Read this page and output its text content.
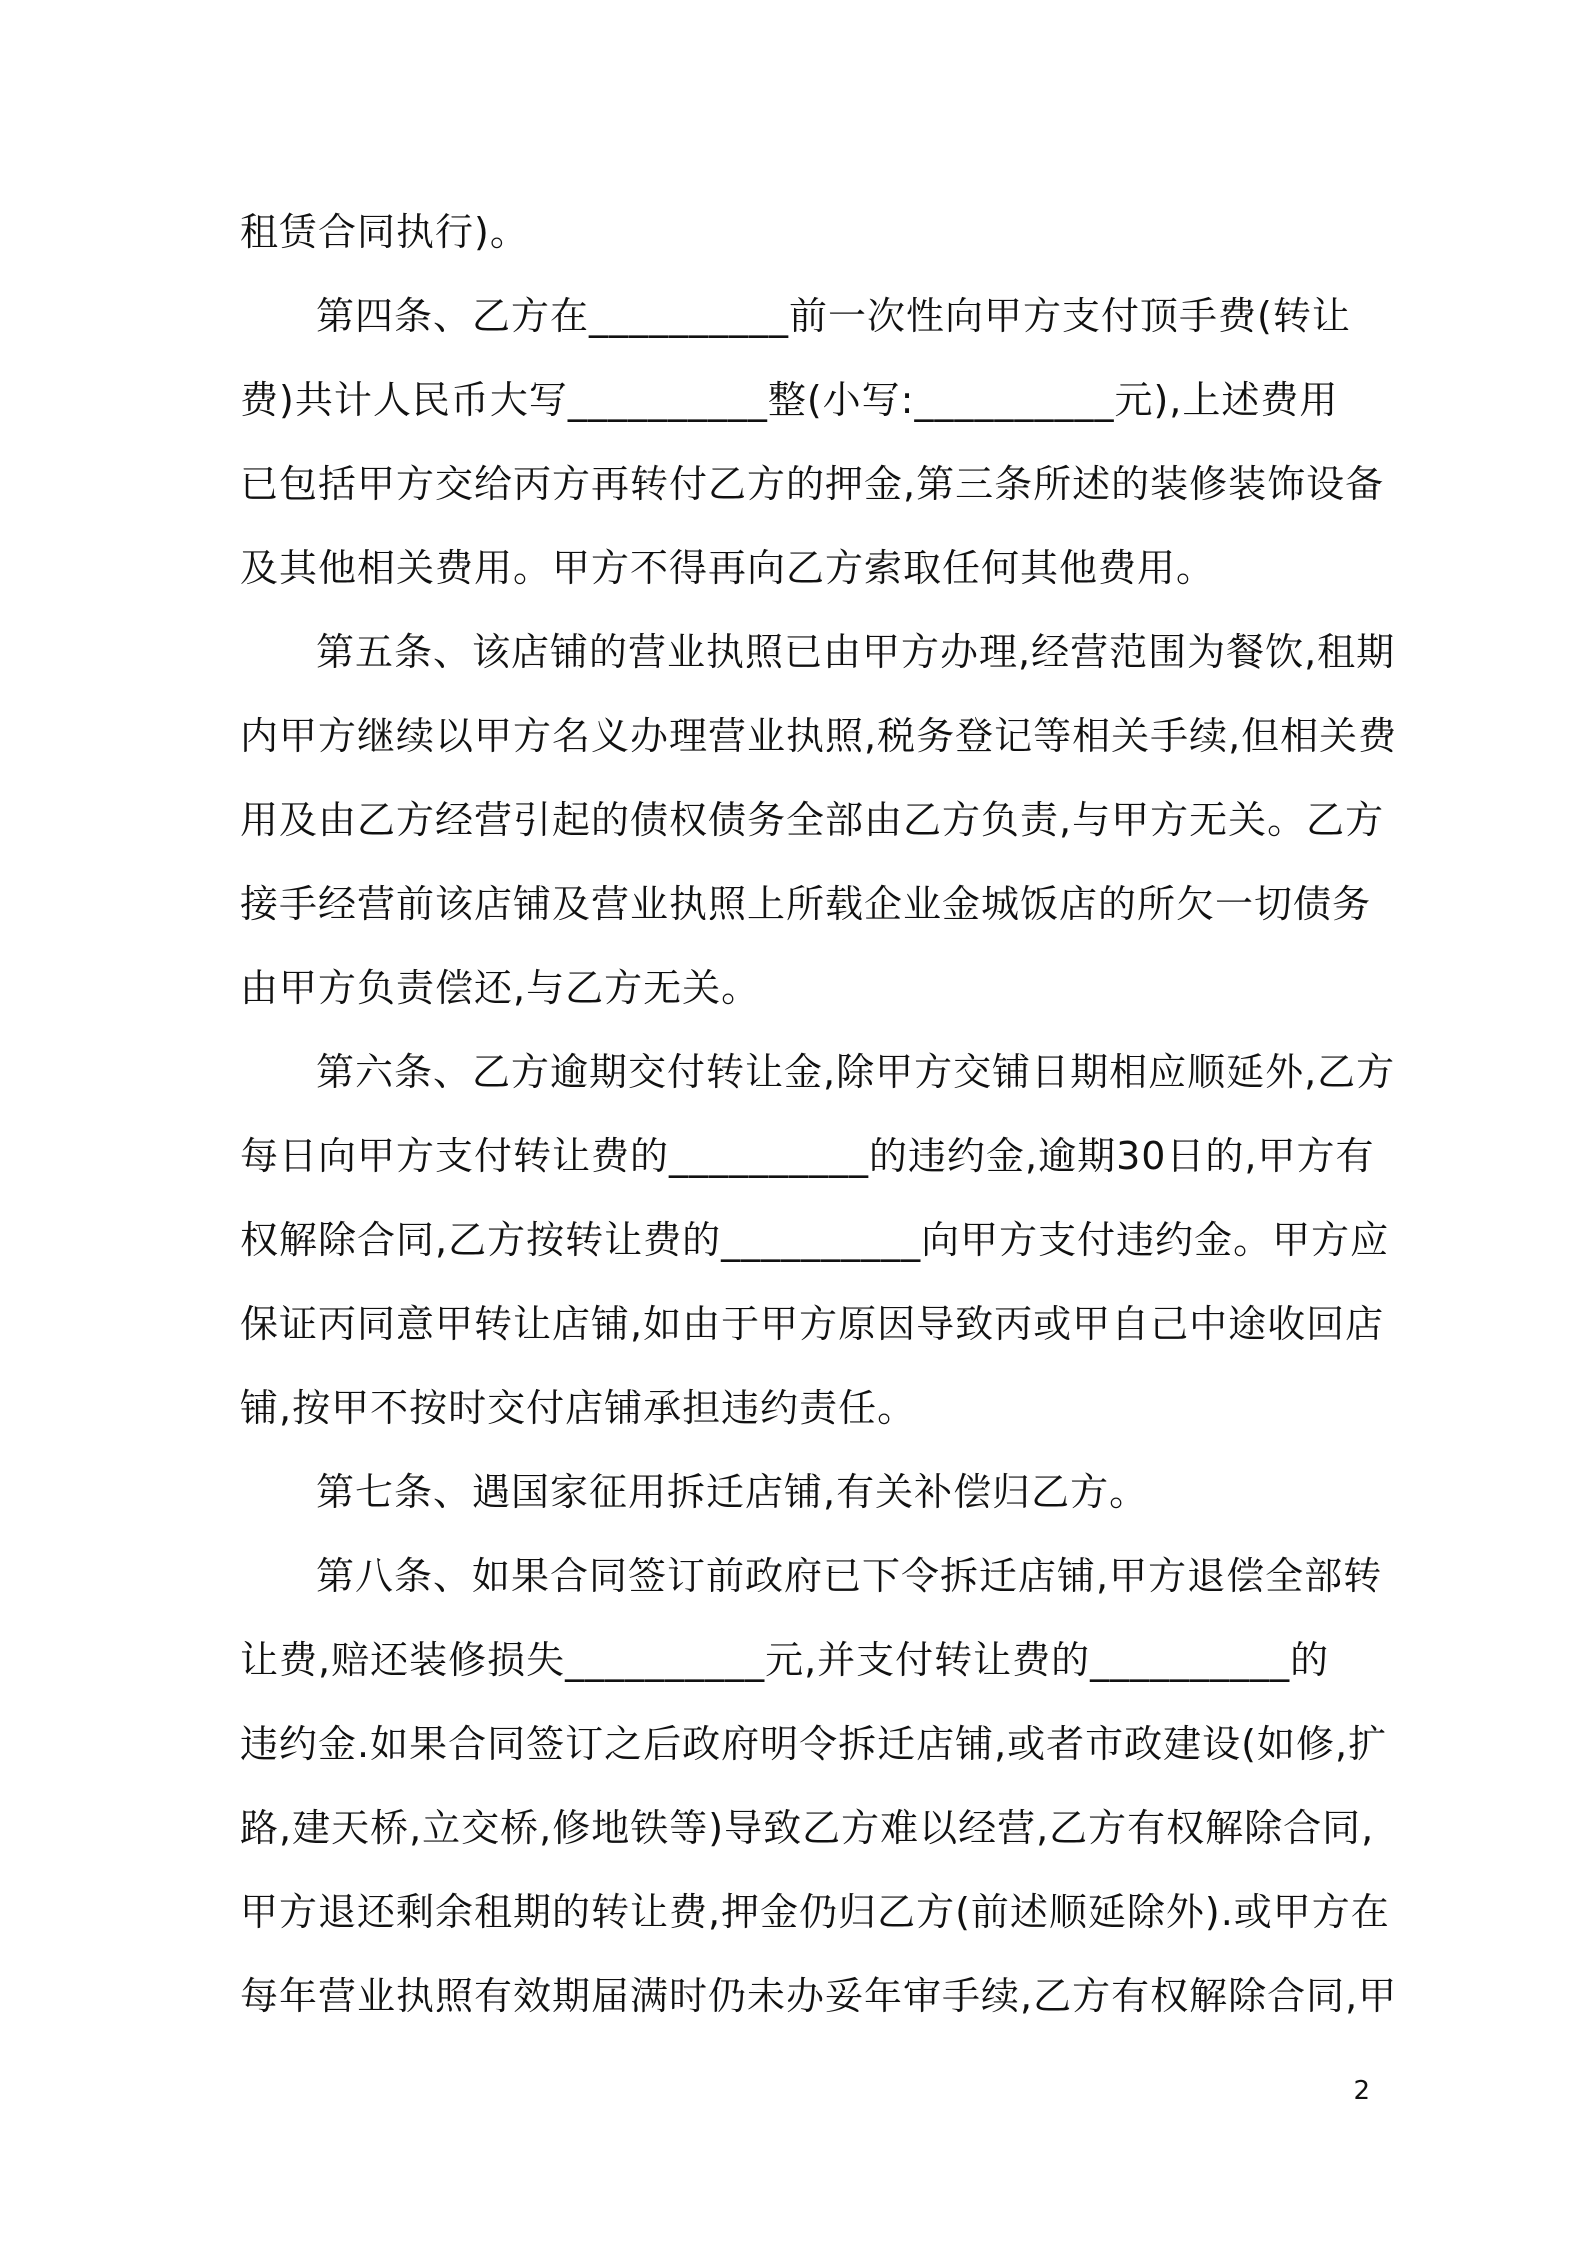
租赁合同执行)。
第四条、乙方在__________前一次性向甲方支付顶手费(转让
费)共计人民币大写__________整(小写:__________元),上述费用
已包括甲方交给丙方再转付乙方的押金,第三条所述的装修装饰设备
及其他相关费用。甲方不得再向乙方索取任何其他费用。
第五条、该店铺的营业执照已由甲方办理,经营范围为餐饮,租期
内甲方继续以甲方名义办理营业执照,税务登记等相关手续,但相关费
用及由乙方经营引起的债权债务全部由乙方负责,与甲方无关。乙方
接手经营前该店铺及营业执照上所载企业金城饭店的所欠一切债务
由甲方负责偿还,与乙方无关。
第六条、乙方逾期交付转让金,除甲方交铺日期相应顺延外,乙方
每日向甲方支付转让费的__________的违约金,逾期30日的,甲方有
权解除合同,乙方按转让费的__________向甲方支付违约金。甲方应
保证丙同意甲转让店铺,如由于甲方原因导致丙或甲自己中途收回店
铺,按甲不按时交付店铺承担违约责任。
第七条、遇国家征用拆迁店铺,有关补偿归乙方。
第八条、如果合同签订前政府已下令拆迁店铺,甲方退偿全部转
让费,赔还装修损失__________元,并支付转让费的__________的
违约金.如果合同签订之后政府明令拆迁店铺,或者市政建设(如修,扩
路,建天桥,立交桥,修地铁等)导致乙方难以经营,乙方有权解除合同,
甲方退还剩余租期的转让费,押金仍归乙方(前述顺延除外).或甲方在
每年营业执照有效期届满时仍未办妥年审手续,乙方有权解除合同,甲
2
